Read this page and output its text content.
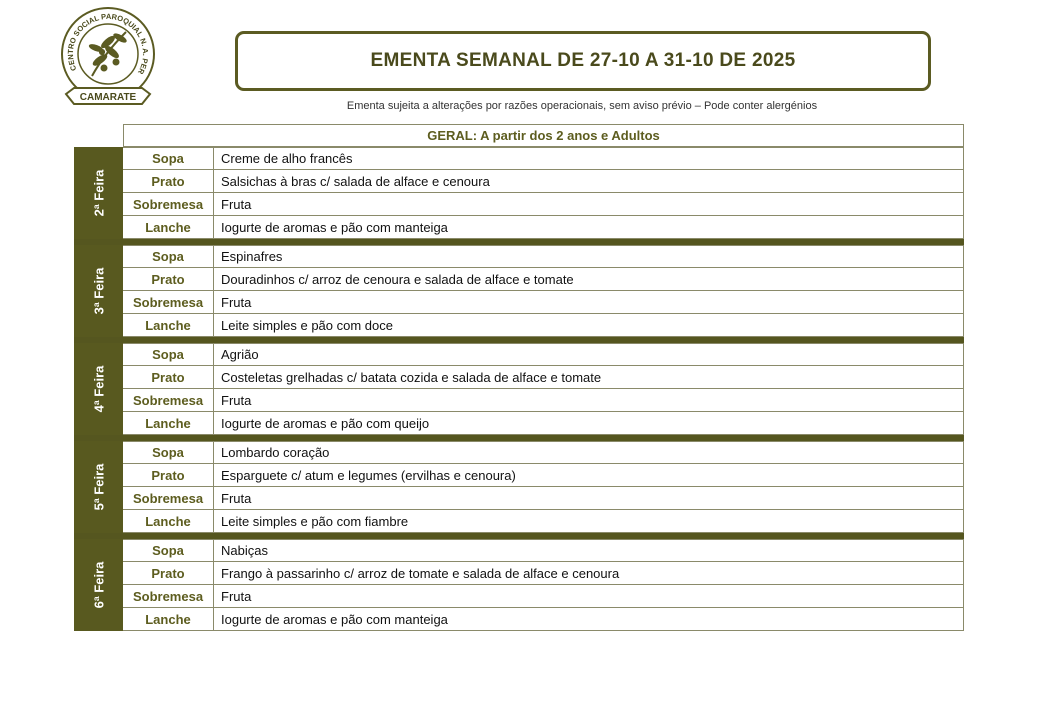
CENTRO SOCIAL PAROQUIAL N. A. PER
CAMARATE
EMENTA SEMANAL DE 27-10 A 31-10 DE 2025
Ementa sujeita a alterações por razões operacionais, sem aviso prévio – Pode conter alergénios
GERAL: A partir dos 2 anos e Adultos
2ª Feira
Sopa	Creme de alho francês
Prato	Salsichas à bras c/ salada de alface e cenoura
Sobremesa	Fruta
Lanche	Iogurte de aromas e pão com manteiga
3ª Feira
Sopa	Espinafres
Prato	Douradinhos c/ arroz de cenoura e salada de alface e tomate
Sobremesa	Fruta
Lanche	Leite simples e pão com doce
4ª Feira
Sopa	Agrião
Prato	Costeletas grelhadas c/ batata cozida e salada de alface e tomate
Sobremesa	Fruta
Lanche	Iogurte de aromas e pão com queijo
5ª Feira
Sopa	Lombardo coração
Prato	Esparguete c/ atum e legumes (ervilhas e cenoura)
Sobremesa	Fruta
Lanche	Leite simples e pão com fiambre
6ª Feira
Sopa	Nabiças
Prato	Frango à passarinho c/ arroz de tomate e salada de alface e cenoura
Sobremesa	Fruta
Lanche	Iogurte de aromas e pão com manteiga
